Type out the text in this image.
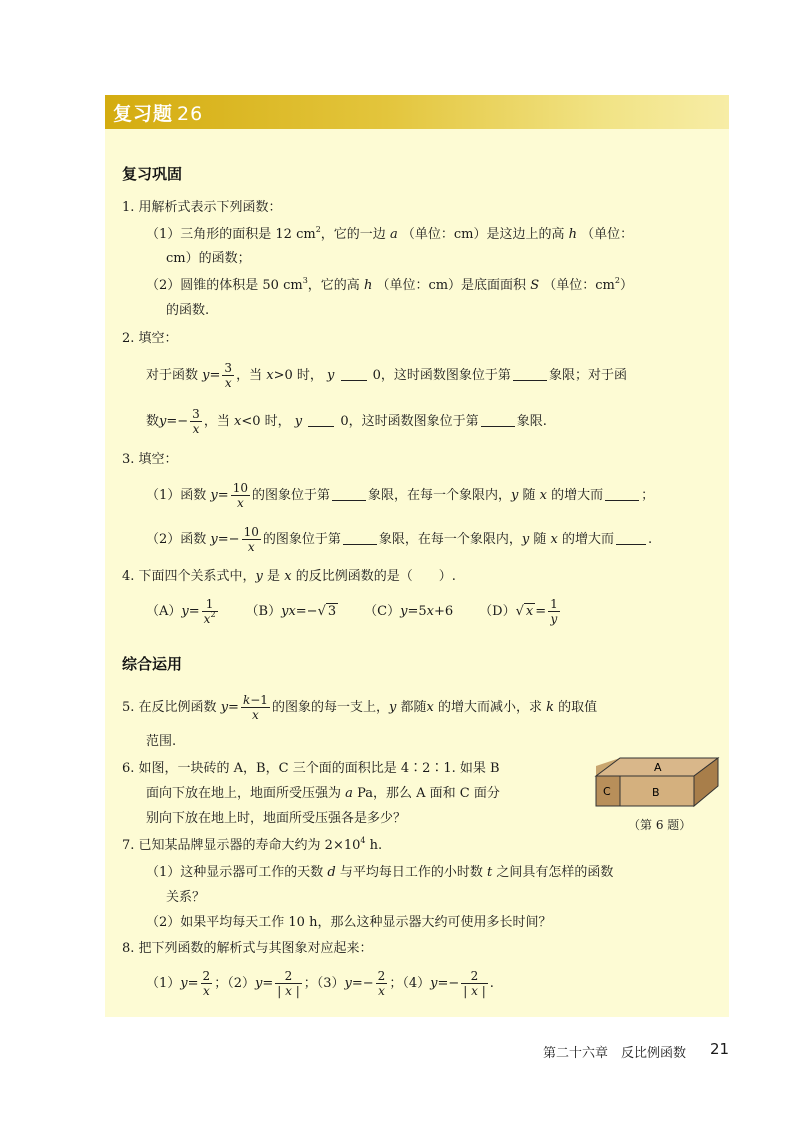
复习题 26
复习巩固
1. 用解析式表示下列函数：
（1）三角形的面积是 12 $cm^2$，它的一边 a （单位：cm）是这边上的高 h （单位：
cm）的函数；
（2）圆锥的体积是 50 $cm^3$，它的高 h （单位：cm）是底面面积 S （单位：$cm^2$）
的函数.
2. 填空：
对于函数 $y= \frac{3}{x}$ ，当 x>0 时， y	0，这时函数图象位于第	象限；对于函
数$y=- \frac{3}{x}$ ，当 x<0 时， y	0，这时函数图象位于第	象限.
3. 填空：
（1）函数 $y= \frac{10}{x}$ 的图象位于第	象限，在每一个象限内，y 随 x 的增大而	；
（2）函数 $y=- \frac{10}{x}$ 的图象位于第	象限，在每一个象限内，y 随 x 的增大而	.
4. 下面四个关系式中，y 是 x 的反比例函数的是（   ）.
$(A)y= \frac{1}{x^2}$
   （B）yx=−√ 3   （C）y=5x+6  （D）√ $x = \frac{1}{y}$
综合运用
5. 在反比例函数 $y= \frac{k-1}{x}$ 的图象的每一支上，y 都随x 的增大而减小，求 k 的取值
范围.
6. 如图，一块砖的 A，B，C 三个面的面积比是 4∶2∶1. 如果 B
面向下放在地上，地面所受压强为 a Pa，那么 A 面和 C 面分
别向下放在地上时，地面所受压强各是多少？
A
B
C
（第 6 题）
7. 已知某品牌显示器的寿命大约为 $2\times 10^4$ h.
（1）这种显示器可工作的天数 d 与平均每日工作的小时数 t 之间具有怎样的函数
关系？
（2）如果平均每天工作 10 h，那么这种显示器大约可使用多长时间？
8. 把下列函数的解析式与其图象对应起来：
$(1)y= \frac{2}{x}$ ；$(2)y= \frac{2}{| x |}$ ；$(3)y=- \frac{2}{x}$ ；$(4)y=- \frac{2}{| x |}$ .
第二十六章　反比例函数 21
